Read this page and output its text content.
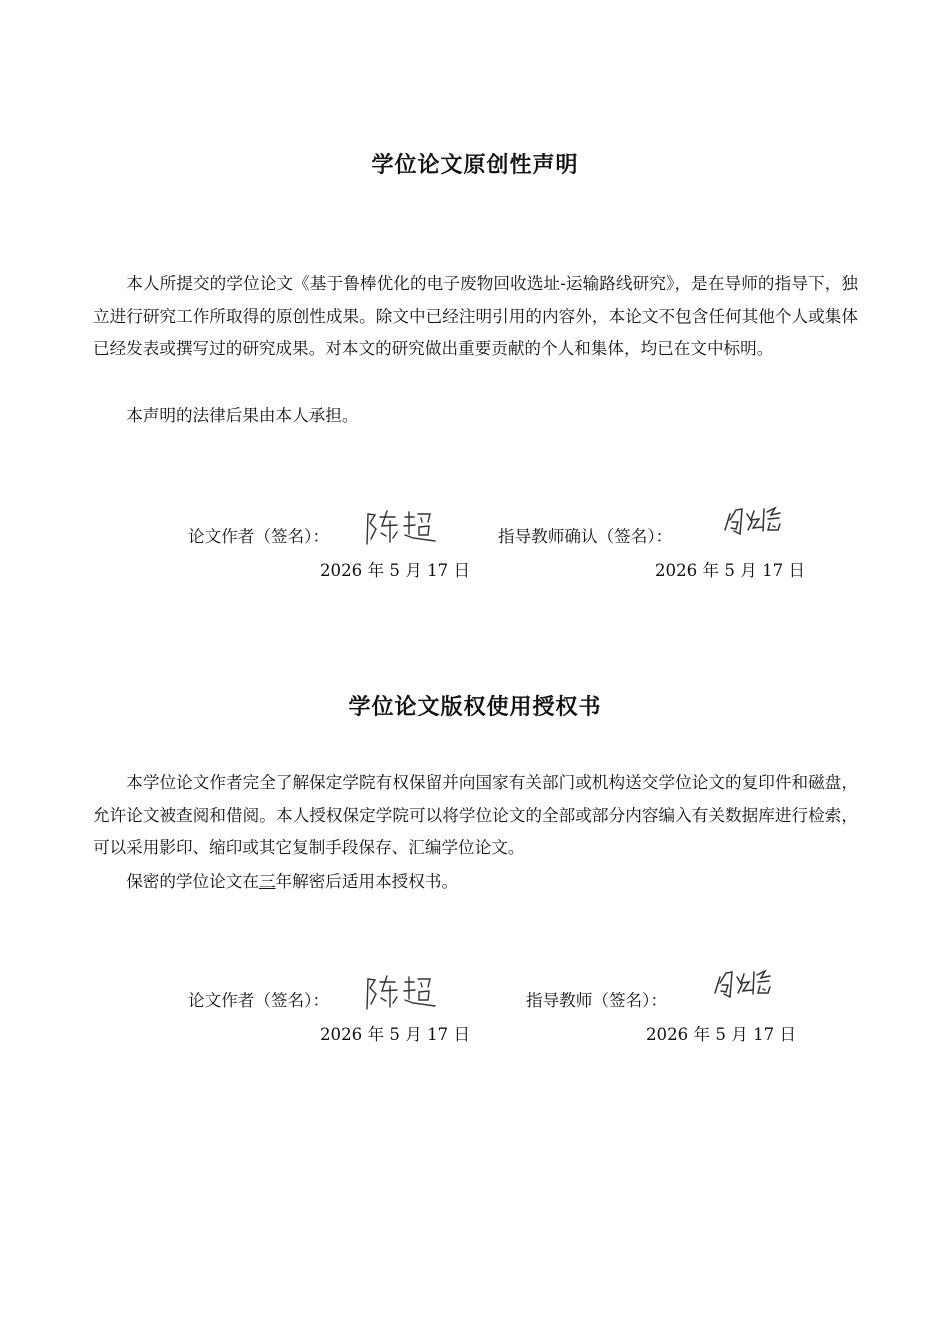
学位论文原创性声明
本人所提交的学位论文《基于鲁棒优化的电子废物回收选址-运输路线研究》，是在导师的指导下，独立进行研究工作所取得的原创性成果。除文中已经注明引用的内容外，本论文不包含任何其他个人或集体已经发表或撰写过的研究成果。对本文的研究做出重要贡献的个人和集体，均已在文中标明。
本声明的法律后果由本人承担。
论文作者（签名）：	指导教师确认（签名）：
2026 年 5 月 17 日	2026 年 5 月 17 日
学位论文版权使用授权书
本学位论文作者完全了解保定学院有权保留并向国家有关部门或机构送交学位论文的复印件和磁盘，允许论文被查阅和借阅。本人授权保定学院可以将学位论文的全部或部分内容编入有关数据库进行检索，可以采用影印、缩印或其它复制手段保存、汇编学位论文。
保密的学位论文在三年解密后适用本授权书。
论文作者（签名）：	指导教师（签名）：
2026 年 5 月 17 日	2026 年 5 月 17 日
